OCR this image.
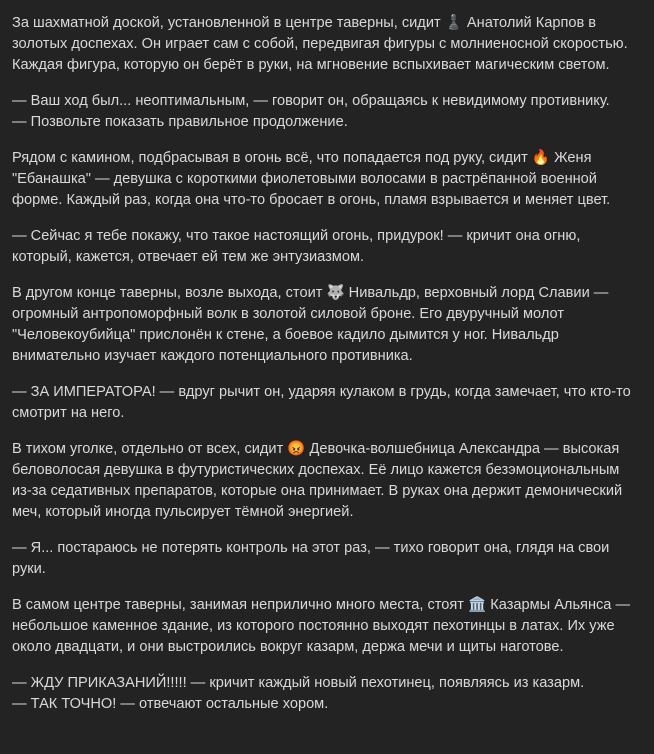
За шахматной доской, установленной в центре таверны, сидит ♟️ Анатолий Карпов в золотых доспехах. Он играет сам с собой, передвигая фигуры с молниеносной скоростью. Каждая фигура, которую он берёт в руки, на мгновение вспыхивает магическим светом.

— Ваш ход был... неоптимальным, — говорит он, обращаясь к невидимому противнику.
— Позвольте показать правильное продолжение.

Рядом с камином, подбрасывая в огонь всё, что попадается под руку, сидит 🔥 Женя "Ебанашка" — девушка с короткими фиолетовыми волосами в растрёпанной военной форме. Каждый раз, когда она что-то бросает в огонь, пламя взрывается и меняет цвет.

— Сейчас я тебе покажу, что такое настоящий огонь, придурок! — кричит она огню, который, кажется, отвечает ей тем же энтузиазмом.

В другом конце таверны, возле выхода, стоит 🐺 Нивальдр, верховный лорд Славии — огромный антропоморфный волк в золотой силовой броне. Его двуручный молот "Человекоубийца" прислонён к стене, а боевое кадило дымится у ног. Нивальдр внимательно изучает каждого потенциального противника.

— ЗА ИМПЕРАТОРА! — вдруг рычит он, ударяя кулаком в грудь, когда замечает, что кто-то смотрит на него.

В тихом уголке, отдельно от всех, сидит 😡 Девочка-волшебница Александра — высокая беловолосая девушка в футуристических доспехах. Её лицо кажется безэмоциональным из-за седативных препаратов, которые она принимает. В руках она держит демонический меч, который иногда пульсирует тёмной энергией.

— Я... постараюсь не потерять контроль на этот раз, — тихо говорит она, глядя на свои руки.

В самом центре таверны, занимая неприлично много места, стоят 🏛️ Казармы Альянса — небольшое каменное здание, из которого постоянно выходят пехотинцы в латах. Их уже около двадцати, и они выстроились вокруг казарм, держа мечи и щиты наготове.

— ЖДУ ПРИКАЗАНИЙ!!!!! — кричит каждый новый пехотинец, появляясь из казарм.
— ТАК ТОЧНО! — отвечают остальные хором.
